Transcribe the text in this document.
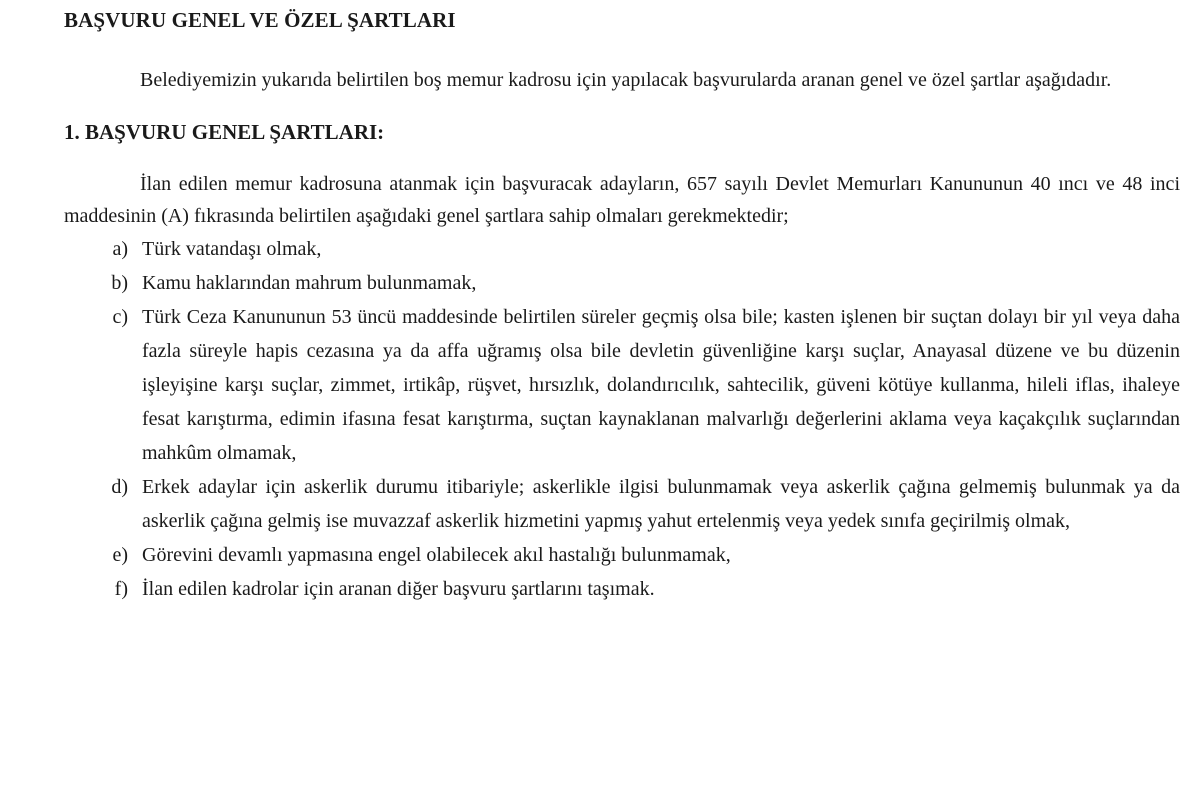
BAŞVURU GENEL VE ÖZEL ŞARTLARI

Belediyemizin yukarıda belirtilen boş memur kadrosu için yapılacak başvurularda aranan genel ve özel şartlar aşağıdadır.

1. BAŞVURU GENEL ŞARTLARI:

İlan edilen memur kadrosuna atanmak için başvuracak adayların, 657 sayılı Devlet Memurları Kanununun 40 ıncı ve 48 inci maddesinin (A) fıkrasında belirtilen aşağıdaki genel şartlara sahip olmaları gerekmektedir;

a) Türk vatandaşı olmak,
b) Kamu haklarından mahrum bulunmamak,
c) Türk Ceza Kanununun 53 üncü maddesinde belirtilen süreler geçmiş olsa bile; kasten işlenen bir suçtan dolayı bir yıl veya daha fazla süreyle hapis cezasına ya da affa uğramış olsa bile devletin güvenliğine karşı suçlar, Anayasal düzene ve bu düzenin işleyişine karşı suçlar, zimmet, irtikâp, rüşvet, hırsızlık, dolandırıcılık, sahtecilik, güveni kötüye kullanma, hileli iflas, ihaleye fesat karıştırma, edimin ifasına fesat karıştırma, suçtan kaynaklanan malvarlığı değerlerini aklama veya kaçakçılık suçlarından mahkûm olmamak,
d) Erkek adaylar için askerlik durumu itibariyle; askerlikle ilgisi bulunmamak veya askerlik çağına gelmemiş bulunmak ya da askerlik çağına gelmiş ise muvazzaf askerlik hizmetini yapmış yahut ertelenmiş veya yedek sınıfa geçirilmiş olmak,
e) Görevini devamlı yapmasına engel olabilecek akıl hastalığı bulunmamak,
f) İlan edilen kadrolar için aranan diğer başvuru şartlarını taşımak.
